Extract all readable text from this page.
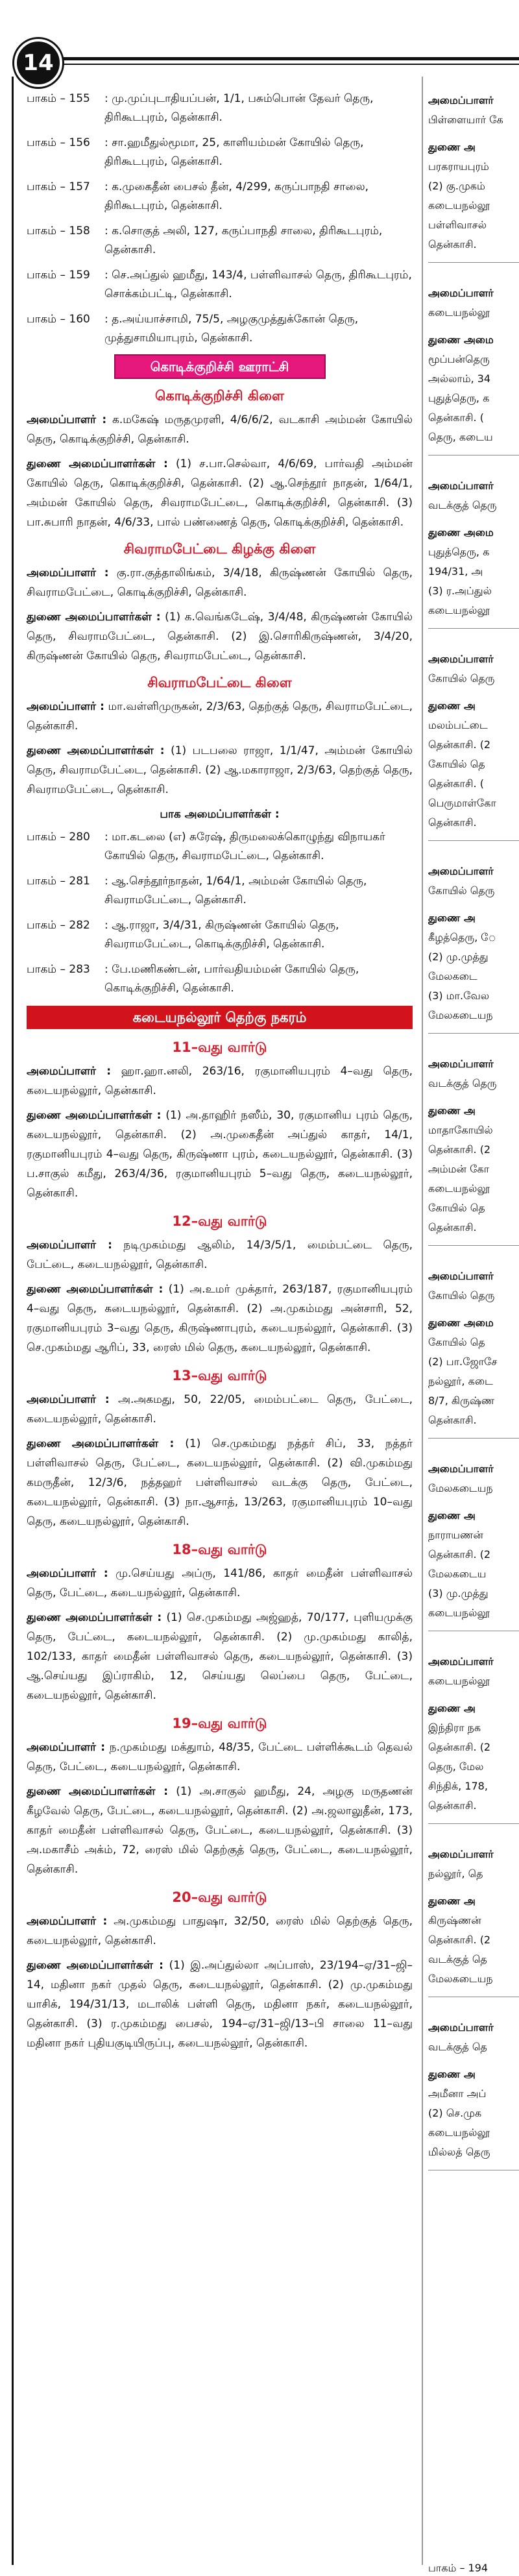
14
பாகம் – 155	: மு.முப்புடாதியப்பன், 1/1, பசும்பொன் தேவர் தெரு, திரிகூடபுரம், தென்காசி.
பாகம் – 156	: சா.ஹமீதுல்மூமா, 25, காளியம்மன் கோயில் தெரு, திரிகூடபுரம், தென்காசி.
பாகம் – 157	: க.முகைதீன் பைசல் தீன், 4/299, கருப்பாநதி சாலை, திரிகூடபுரம், தென்காசி.
பாகம் – 158	: க.சொகுத் அலி, 127, கருப்பாநதி சாலை, திரிகூடபுரம், தென்காசி.
பாகம் – 159	: செ.அப்துல் ஹமீது, 143/4, பள்ளிவாசல் தெரு, திரிகூடபுரம், சொக்கம்பட்டி, தென்காசி.
பாகம் – 160	: த.அய்யாச்சாமி, 75/5, அழகுமுத்துக்கோன் தெரு, முத்துசாமியாபுரம், தென்காசி.
கொடிக்குறிச்சி ஊராட்சி
கொடிக்குறிச்சி கிளை

அமைப்பாளர் : க.மகேஷ் மருதமுரளி, 4/6/6/2, வடகாசி அம்மன் கோயில் தெரு, கொடிக்குறிச்சி, தென்காசி.

துணை அமைப்பாளர்கள் : (1) ச.பா.செல்வா, 4/6/69, பார்வதி அம்மன் கோயில் தெரு, கொடிக்குறிச்சி, தென்காசி. (2) ஆ.செந்தூர் நாதன், 1/64/1, அம்மன் கோயில் தெரு, சிவராமபேட்டை, கொடிக்குறிச்சி, தென்காசி. (3) பா.சுபாரி நாதன், 4/6/33, பால் பண்ணைத் தெரு, கொடிக்குறிச்சி, தென்காசி.

சிவராமபேட்டை கிழக்கு கிளை

அமைப்பாளர் : கு.ரா.குத்தாலிங்கம், 3/4/18, கிருஷ்ணன் கோயில் தெரு, சிவராமபேட்டை, கொடிக்குறிச்சி, தென்காசி.

துணை அமைப்பாளர்கள் : (1) க.வெங்கடேஷ், 3/4/48, கிருஷ்ணன் கோயில் தெரு, சிவராமபேட்டை, தென்காசி. (2) இ.சொரிகிருஷ்ணன், 3/4/20, கிருஷ்ணன் கோயில் தெரு, சிவராமபேட்டை, தென்காசி.

சிவராமபேட்டை கிளை

அமைப்பாளர் : மா.வள்ளிமுருகன், 2/3/63, தெற்குத் தெரு, சிவராமபேட்டை, தென்காசி.

துணை அமைப்பாளர்கள் : (1) படபலை ராஜா, 1/1/47, அம்மன் கோயில் தெரு, சிவராமபேட்டை, தென்காசி. (2) ஆ.மகாராஜா, 2/3/63, தெற்குத் தெரு, சிவராமபேட்டை, தென்காசி.

பாக அமைப்பாளர்கள் :
பாகம் – 280	: மா.கடலை (எ) சுரேஷ், திருமலைக்கொழுந்து விநாயகர் கோயில் தெரு, சிவராமபேட்டை, தென்காசி.
பாகம் – 281	: ஆ.செந்தூர்நாதன், 1/64/1, அம்மன் கோயில் தெரு, சிவராமபேட்டை, தென்காசி.
பாகம் – 282	: ஆ.ராஜா, 3/4/31, கிருஷ்ணன் கோயில் தெரு, சிவராமபேட்டை, கொடிக்குறிச்சி, தென்காசி.
பாகம் – 283	: பே.மணிகண்டன், பார்வதியம்மன் கோயில் தெரு, கொடிக்குறிச்சி, தென்காசி.
கடையநல்லூர் தெற்கு நகரம்
11–வது வார்டு

அமைப்பாளர் : ஹா.ஹா.னலி, 263/16, ரகுமானியபுரம் 4–வது தெரு, கடையநல்லூர், தென்காசி.

துணை அமைப்பாளர்கள் : (1) அ.தாஹிர் நஸீம், 30, ரகுமானிய புரம் தெரு, கடையநல்லூர், தென்காசி. (2) அ.முகைதீன் அப்துல் காதர், 14/1, ரகுமானியபுரம் 4–வது தெரு, கிருஷ்ணா புரம், கடையநல்லூர், தென்காசி. (3) ப.சாகுல் கமீது, 263/4/36, ரகுமானியபுரம் 5–வது தெரு, கடையநல்லூர், தென்காசி.

12–வது வார்டு

அமைப்பாளர் : நடிமுகம்மது ஆலிம், 14/3/5/1, மைம்பட்டை தெரு, பேட்டை, கடையநல்லூர், தென்காசி.

துணை அமைப்பாளர்கள் : (1) அ.உமர் முக்தார், 263/187, ரகுமானியபுரம் 4–வது தெரு, கடையநல்லூர், தென்காசி. (2) அ.முகம்மது அன்சாரி, 52, ரகுமானியபுரம் 3–வது தெரு, கிருஷ்ணாபுரம், கடையநல்லூர், தென்காசி. (3) செ.முகம்மது ஆரிப், 33, ரைஸ் மில் தெரு, கடையநல்லூர், தென்காசி.

13–வது வார்டு

அமைப்பாளர் : அ.அகமது, 50, 22/05, மைம்பட்டை தெரு, பேட்டை, கடையநல்லூர், தென்காசி.

துணை அமைப்பாளர்கள் : (1) செ.முகம்மது நத்தர் சிப், 33, நத்தர் பள்ளிவாசல் தெரு, பேட்டை, கடையநல்லூர், தென்காசி. (2) வி.முகம்மது கமருதீன், 12/3/6, நத்தஹர் பள்ளிவாசல் வடக்கு தெரு, பேட்டை, கடையநல்லூர், தென்காசி. (3) நா.ஆசாத், 13/263, ரகுமானியபுரம் 10–வது தெரு, கடையநல்லூர், தென்காசி.

18–வது வார்டு

அமைப்பாளர் : மு.செய்யது அப்ரு, 141/86, காதர் மைதீன் பள்ளிவாசல் தெரு, பேட்டை, கடையநல்லூர், தென்காசி.

துணை அமைப்பாளர்கள் : (1) செ.முகம்மது அஜ்ஹத், 70/177, புளியமுக்கு தெரு, பேட்டை, கடையநல்லூர், தென்காசி. (2) மு.முகம்மது காலித், 102/133, காதர் மைதீன் பள்ளிவாசல் தெரு, கடையநல்லூர், தென்காசி. (3) ஆ.செய்யது இப்ராகிம், 12, செய்யது லெப்பை தெரு, பேட்டை, கடையநல்லூர், தென்காசி.

19–வது வார்டு

அமைப்பாளர் : ந.முகம்மது மக்துாம், 48/35, பேட்டை பள்ளிக்கூடம் தெவல் தெரு, பேட்டை, கடையநல்லூர், தென்காசி.

துணை அமைப்பாளர்கள் : (1) அ.சாகுல் ஹமீது, 24, அழகு மருதணன் கீழவேல் தெரு, பேட்டை, கடையநல்லூர், தென்காசி. (2) அ.ஜலாலுதீன், 173, காதர் மைதீன் பள்ளிவாசல் தெரு, பேட்டை, கடையநல்லூர், தென்காசி. (3) அ.மகாசீம் அக்ம், 72, ரைஸ் மில் தெற்குத் தெரு, பேட்டை, கடையநல்லூர், தென்காசி.

20–வது வார்டு

அமைப்பாளர் : அ.முகம்மது பாதுஷா, 32/50, ரைஸ் மில் தெற்குத் தெரு, கடையநல்லூர், தென்காசி.

துணை அமைப்பாளர்கள் : (1) இ.அப்துல்லா அப்பாஸ், 23/194–ஏ/31–ஜி–14, மதினா நகர் முதல் தெரு, கடையநல்லூர், தென்காசி. (2) மு.முகம்மது யாசிக், 194/31/13, மடாலிக் பள்ளி தெரு, மதினா நகர், கடையநல்லூர், தென்காசி. (3) ர.முகம்மது பைசல், 194–ஏ/31–ஜி/13–பி சாலை 11–வது மதினா நகர் புதியகுடியிருப்பு, கடையநல்லூர், தென்காசி.

அமைப்பாளர்
பிள்ளையார் கே
துணை அ
பரகராயபுரம்
(2) கு.முகம்
கடையநல்லூ
பள்ளிவாசல்
தென்காசி.
அமைப்பாளர்
கடையநல்லூ
துணை அமை
மூப்பன்தெரு
அல்லாம், 34
புதுத்தெரு, க
தென்காசி. (
தெரு, கடைய
அமைப்பாளர்
வடக்குத் தெரு
துணை அமை
புதுத்தெரு, க
194/31, அ
(3) ர.அப்துல்
கடையநல்லூ
அமைப்பாளர்
கோயில் தெரு
துணை அ
மலம்பட்டை
தென்காசி. (2
கோயில் தெ
தென்காசி. (
பெருமாள்கோ
தென்காசி.
அமைப்பாளர்
கோயில் தெரு
துணை அ
கீழத்தெரு, ே
(2) மு.முத்து
மேலகடை
(3) மா.வேல
மேலகடையந
அமைப்பாளர்
வடக்குத் தெரு
துணை அ
மாதாகோயில்
தென்காசி. (2
அம்மன் கோ
கடையநல்லூ
கோயில் தெ
தென்காசி.
அமைப்பாளர்
கோயில் தெரு
துணை அமை
கோயில் தெ
(2) பா.ஜோசே
நல்லூர், கடை
8/7, கிருஷ்ண
தென்காசி.
அமைப்பாளர்
மேலகடையந
துணை அ
நாராயணன்
தென்காசி. (2
மேலகடைய
(3) மு.முத்து
கடையநல்லூ
அமைப்பாளர்
கடையநல்லூ
துணை அ
இந்திரா நக
தென்காசி. (2
தெரு, மேல
சிந்திக், 178,
தென்காசி.
அமைப்பாளர்
நல்லூர், தெ
துணை அ
கிருஷ்ணன்
தென்காசி. (2
வடக்குத் தெ
மேலகடையந
அமைப்பாளர்
வடக்குத் தெ
துணை அ
அமீனா அப்
(2) செ.முக
கடையநல்லூ
மில்லத் தெரு
பாகம் – 194
